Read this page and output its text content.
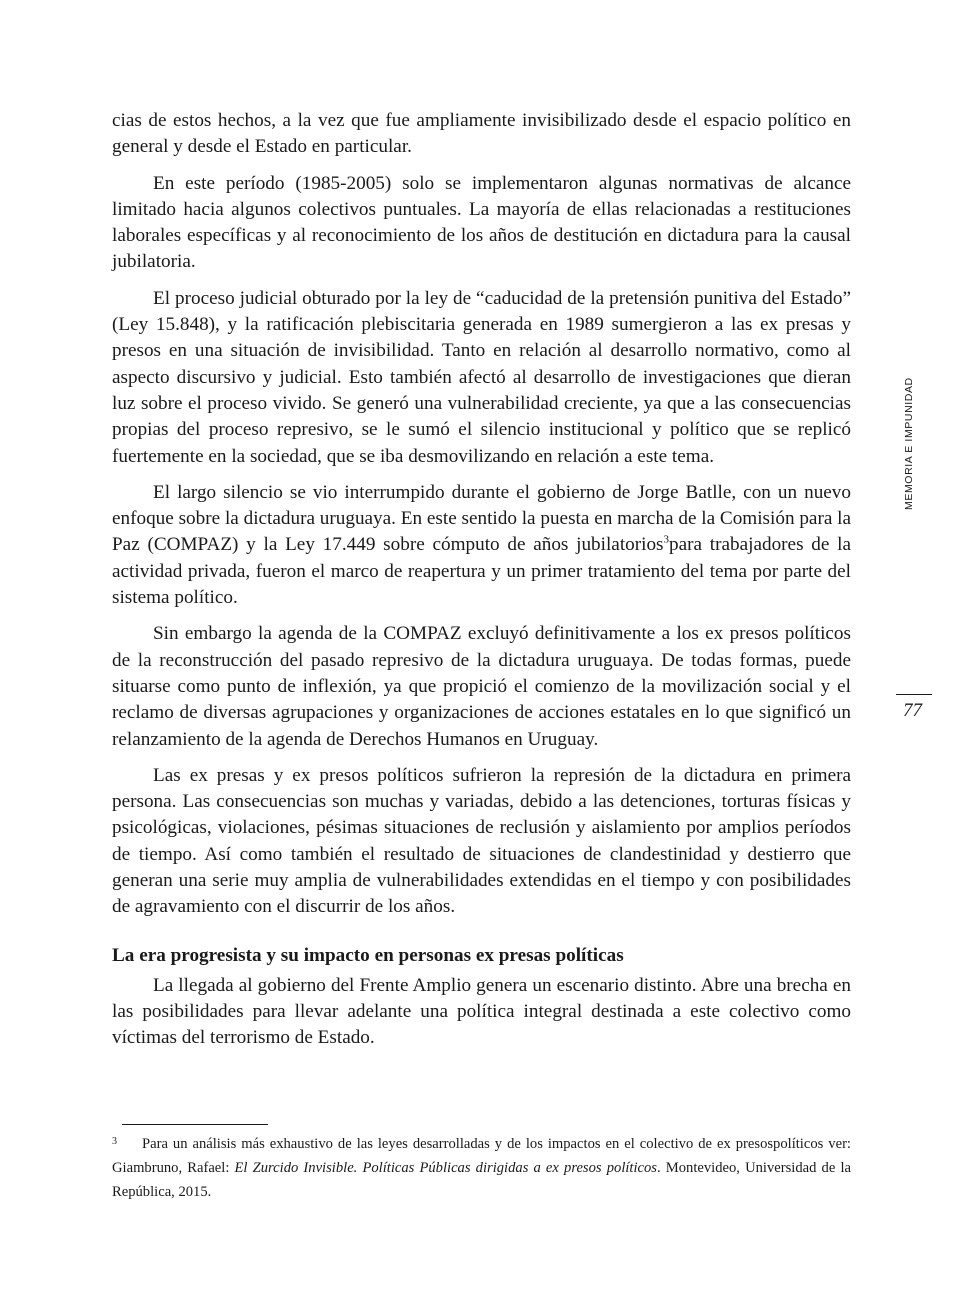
cias de estos hechos, a la vez que fue ampliamente invisibilizado desde el espacio político en general y desde el Estado en particular.

En este período (1985-2005) solo se implementaron algunas normativas de alcance limitado hacia algunos colectivos puntuales. La mayoría de ellas relacionadas a restituciones laborales específicas y al reconocimiento de los años de destitución en dictadura para la causal jubilatoria.

El proceso judicial obturado por la ley de “caducidad de la pretensión punitiva del Estado” (Ley 15.848), y la ratificación plebiscitaria generada en 1989 sumergieron a las ex presas y presos en una situación de invisibilidad. Tanto en relación al desarrollo normativo, como al aspecto discursivo y judicial. Esto también afectó al desarrollo de investigaciones que dieran luz sobre el proceso vivido. Se generó una vulnerabilidad creciente, ya que a las consecuencias propias del proceso represivo, se le sumó el silencio institucional y político que se replicó fuertemente en la sociedad, que se iba desmovilizando en relación a este tema.

El largo silencio se vio interrumpido durante el gobierno de Jorge Batlle, con un nuevo enfoque sobre la dictadura uruguaya. En este sentido la puesta en marcha de la Comisión para la Paz (COMPAZ) y la Ley 17.449 sobre cómputo de años jubilatorios$^3$para trabajadores de la actividad privada, fueron el marco de reapertura y un primer tratamiento del tema por parte del sistema político.

Sin embargo la agenda de la COMPAZ excluyó definitivamente a los ex presos políticos de la reconstrucción del pasado represivo de la dictadura uruguaya. De todas formas, puede situarse como punto de inflexión, ya que propició el comienzo de la movilización social y el reclamo de diversas agrupaciones y organizaciones de acciones estatales en lo que significó un relanzamiento de la agenda de Derechos Humanos en Uruguay.

Las ex presas y ex presos políticos sufrieron la represión de la dictadura en primera persona. Las consecuencias son muchas y variadas, debido a las detenciones, torturas físicas y psicológicas, violaciones, pésimas situaciones de reclusión y aislamiento por amplios períodos de tiempo. Así como también el resultado de situaciones de clandestinidad y destierro que generan una serie muy amplia de vulnerabilidades extendidas en el tiempo y con posibilidades de agravamiento con el discurrir de los años.

La era progresista y su impacto en personas ex presas políticas

La llegada al gobierno del Frente Amplio genera un escenario distinto. Abre una brecha en las posibilidades para llevar adelante una política integral destinada a este colectivo como víctimas del terrorismo de Estado.

3 Para un análisis más exhaustivo de las leyes desarrolladas y de los impactos en el colectivo de ex presospolíticos ver: Giambruno, Rafael: El Zurcido Invisible. Políticas Públicas dirigidas a ex presos políticos. Montevideo, Universidad de la República, 2015.
MEMORIA E IMPUNIDAD
77
